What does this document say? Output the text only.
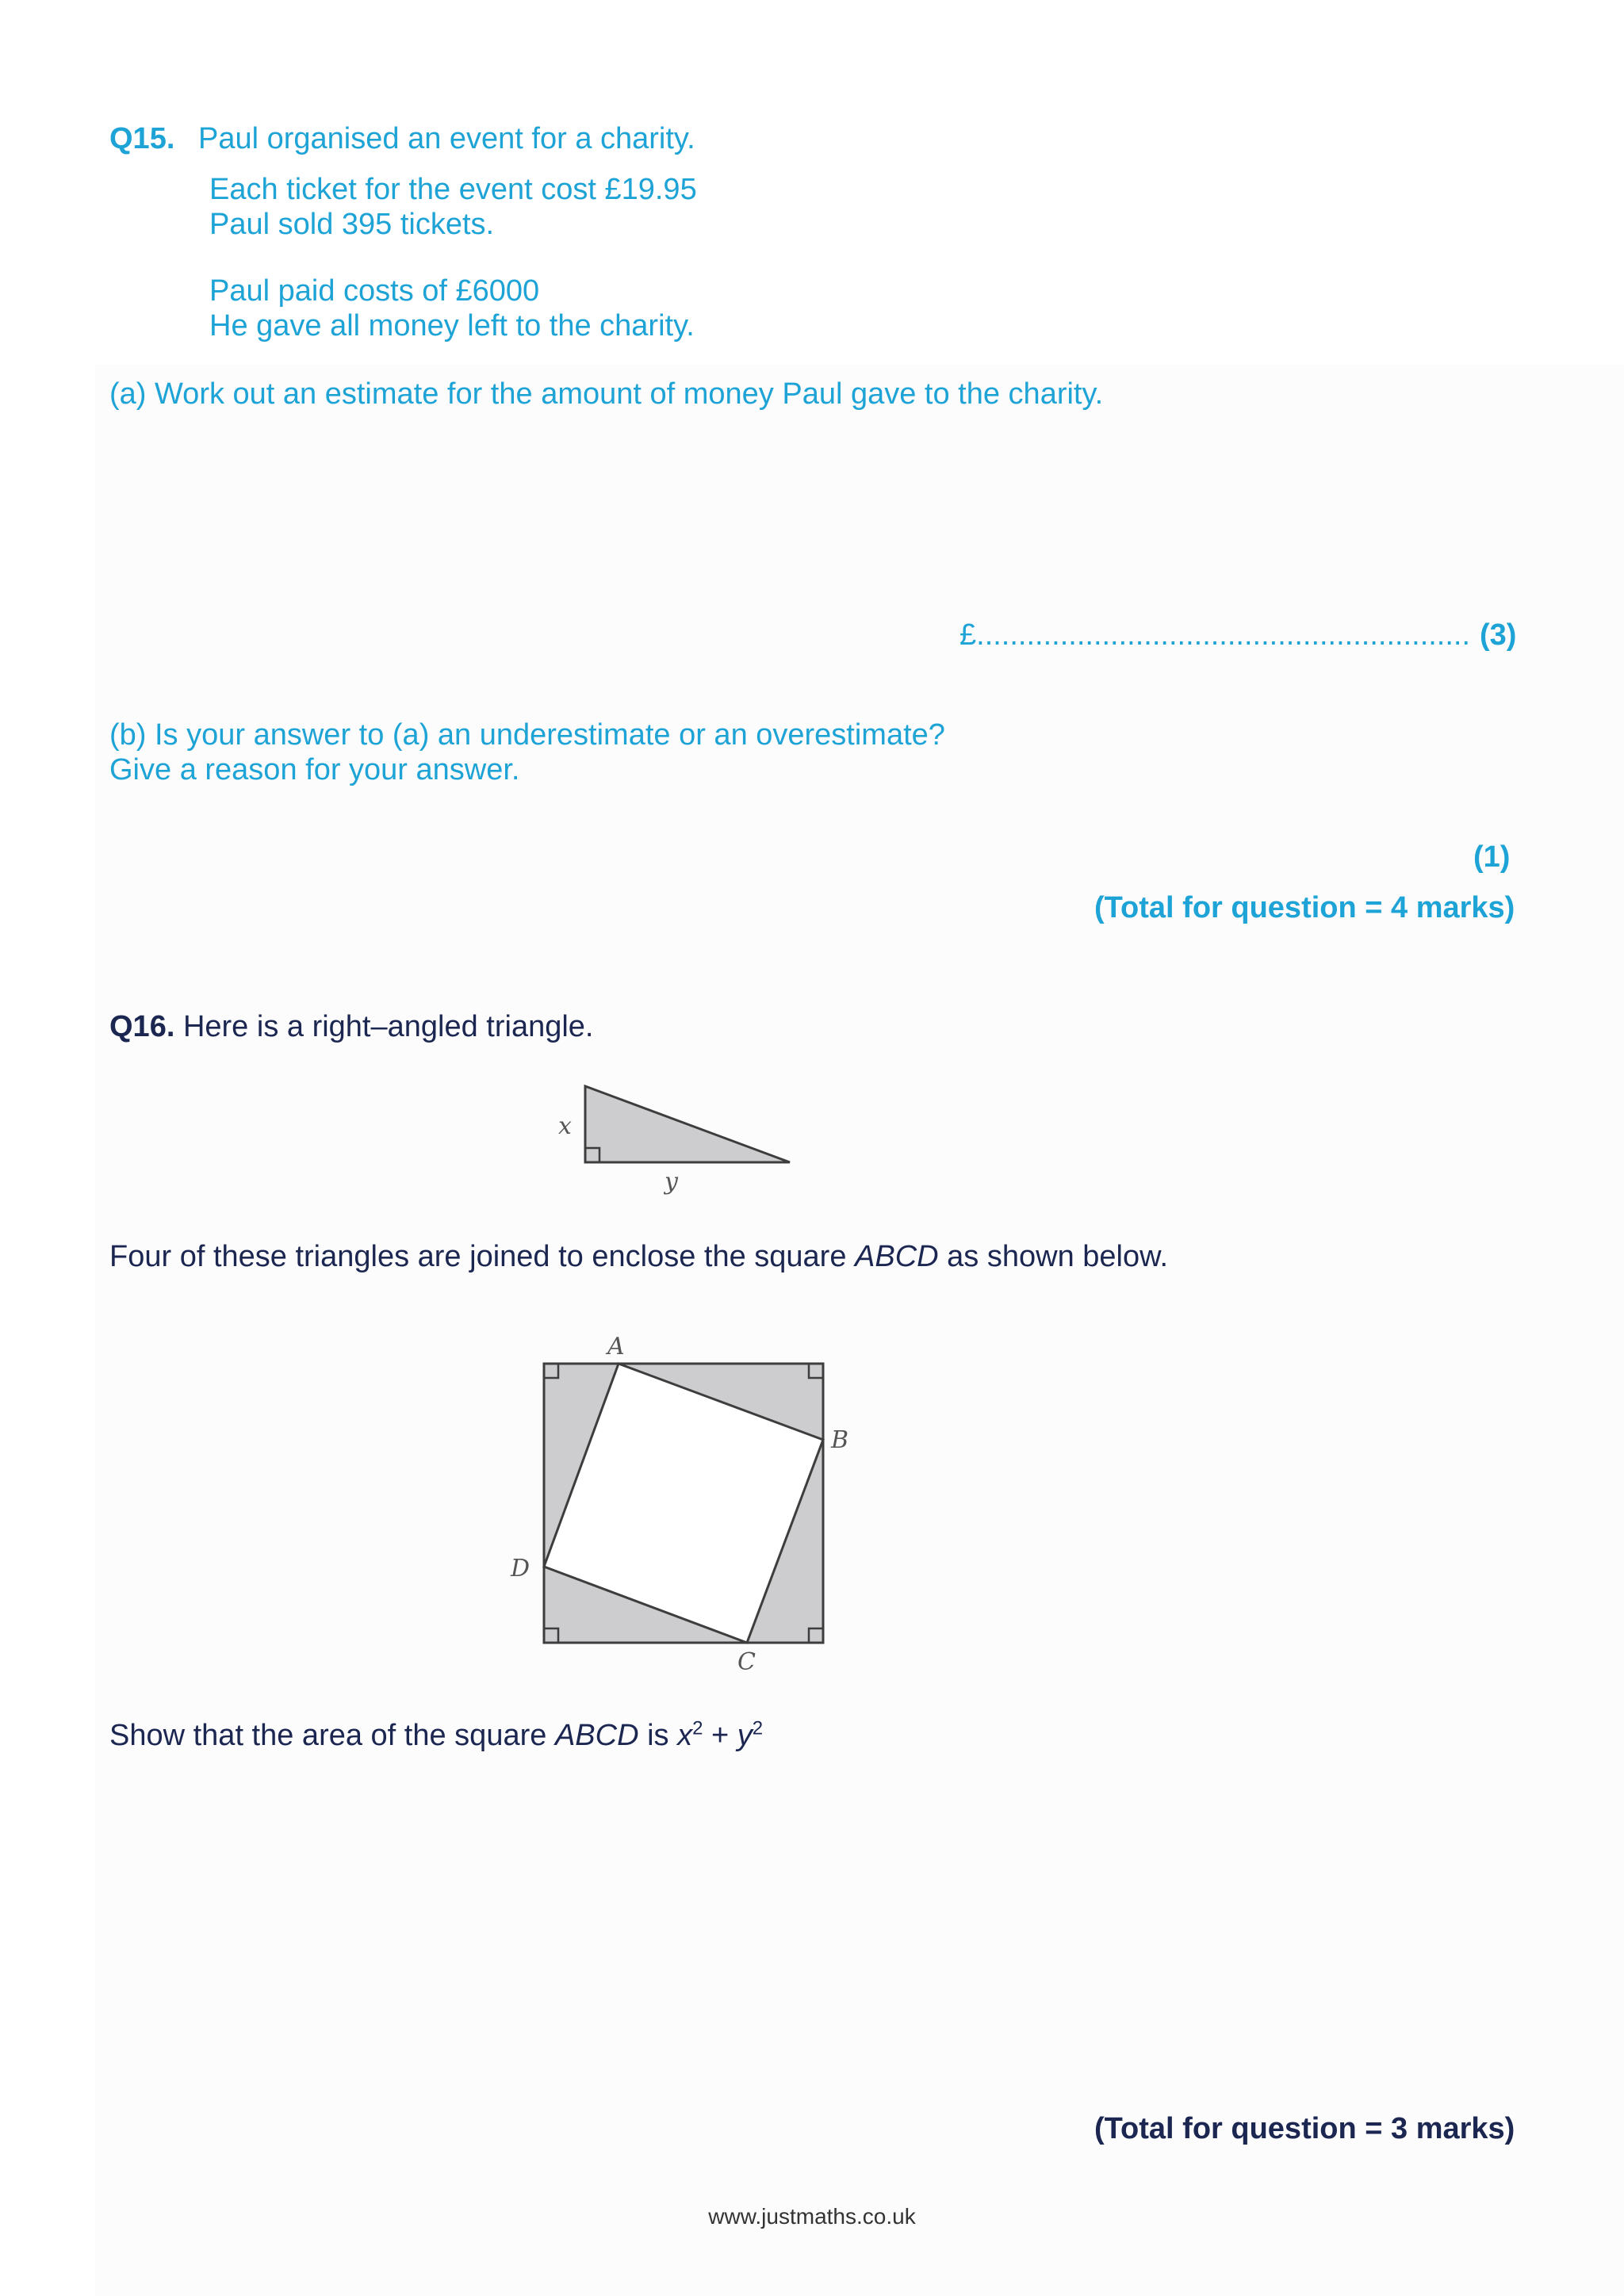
Q15. Paul organised an event for a charity.
Each ticket for the event cost £19.95
Paul sold 395 tickets.
Paul paid costs of £6000
He gave all money left to the charity.
(a) Work out an estimate for the amount of money Paul gave to the charity.
£........................................................... (3)
(b) Is your answer to (a) an underestimate or an overestimate?
Give a reason for your answer.
(1)
(Total for question = 4 marks)
Q16. Here is a right–angled triangle.
x
y
Four of these triangles are joined to enclose the square ABCD as shown below.
A
B
C
D
Show that the area of the square ABCD is $x^2 + y^2$
(Total for question = 3 marks)
www.justmaths.co.uk
